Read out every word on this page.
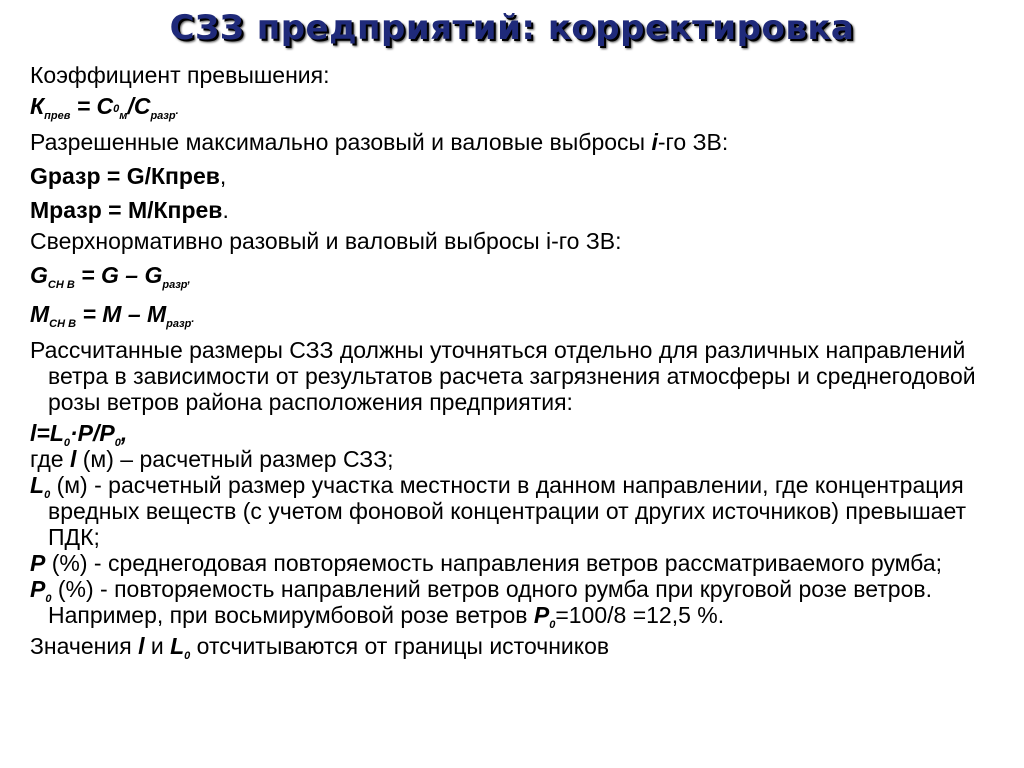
СЗЗ предприятий: корректировка

Коэффициент превышения:

$К_{прев} = C^0_м/C_{разр}$.

Разрешенные максимально разовый и валовые выбросы i-го ЗВ:

Gразр = G/Кпрев,

Mразр = M/Кпрев.

Сверхнормативно разовый и валовый выбросы i-го ЗВ:

$G_{СН В} = G - G_{разр}$,

$M_{СН В} = M - M_{разр}$.

Рассчитанные размеры СЗЗ должны уточняться отдельно для различных направлений ветра в зависимости от результатов расчета загрязнения атмосферы и среднегодовой розы ветров района расположения предприятия:

$l=L_0\cdot P/P_0$,

где l (м) – расчетный размер СЗЗ;

$L_0$ (м) - расчетный размер участка местности в данном направлении, где концентрация вредных веществ (с учетом фоновой концентрации от других источников) превышает ПДК;

P (%) - среднегодовая повторяемость направления ветров рассматриваемого румба;

$P_0$ (%) - повторяемость направлений ветров одного румба при круговой розе ветров. Например, при восьмирумбовой розе ветров $P_0=100/8 =12,5$ %.

Значения l и $L_0$ отсчитываются от границы источников
